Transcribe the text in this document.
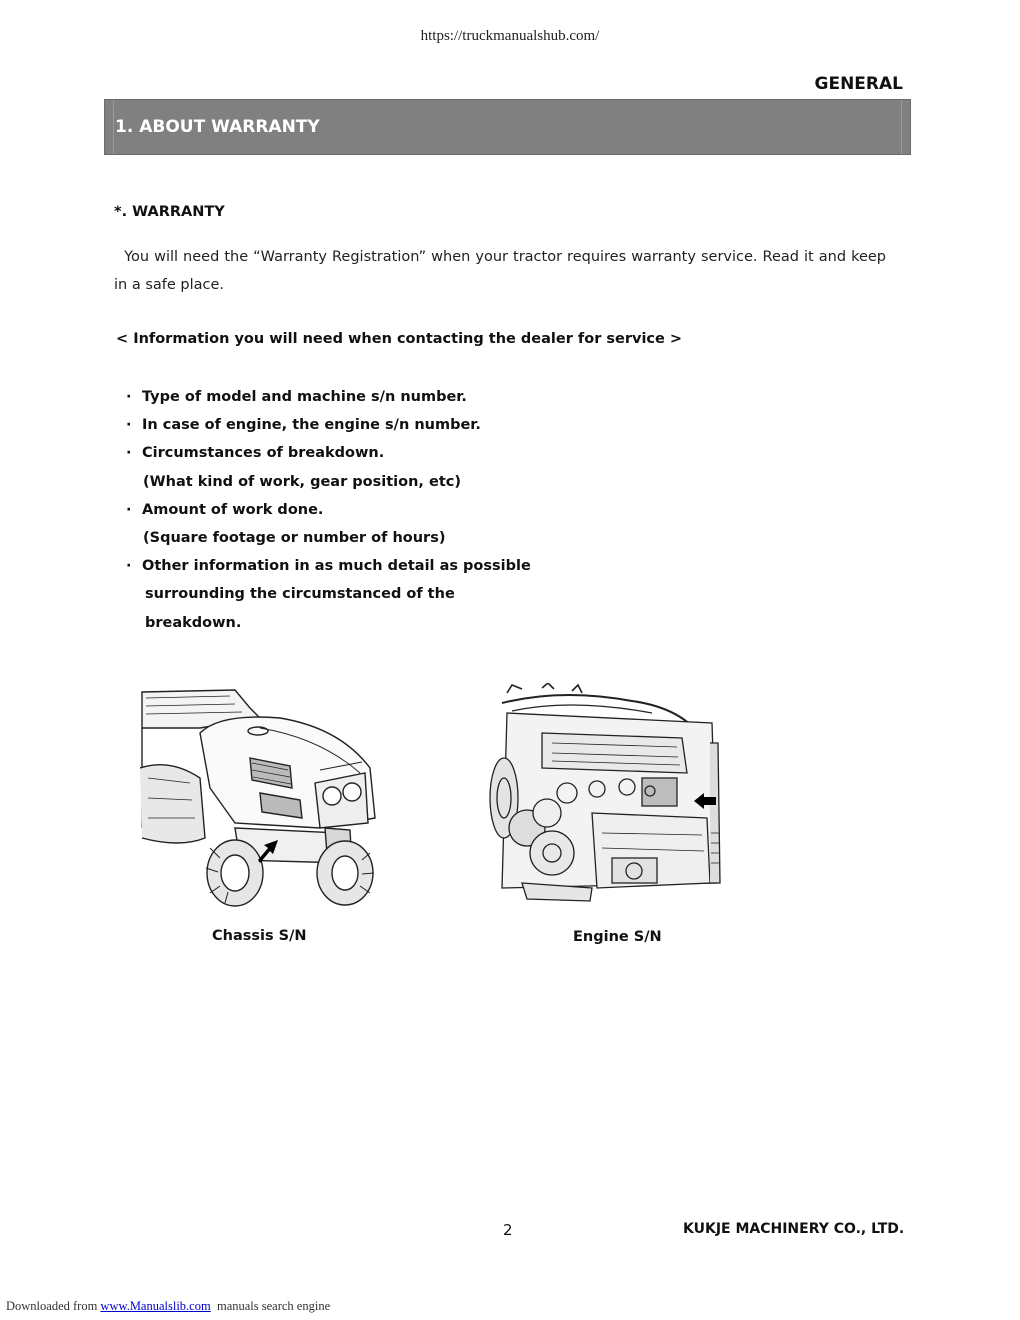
https://truckmanualshub.com/
GENERAL
1. ABOUT WARRANTY
*. WARRANTY
You will need the “Warranty Registration” when your tractor requires warranty service. Read it and keep in a safe place.
< Information you will need when contacting the dealer for service >
· Type of model and machine s/n number.
· In case of engine, the engine s/n number.
· Circumstances of breakdown.
(What kind of work, gear position, etc)
· Amount of work done.
(Square footage or number of hours)
· Other information in as much detail as possible
surrounding the circumstanced of the
breakdown.
Chassis S/N	Engine S/N
2	KUKJE MACHINERY CO., LTD.
Downloaded from www.Manualslib.com manuals search engine
